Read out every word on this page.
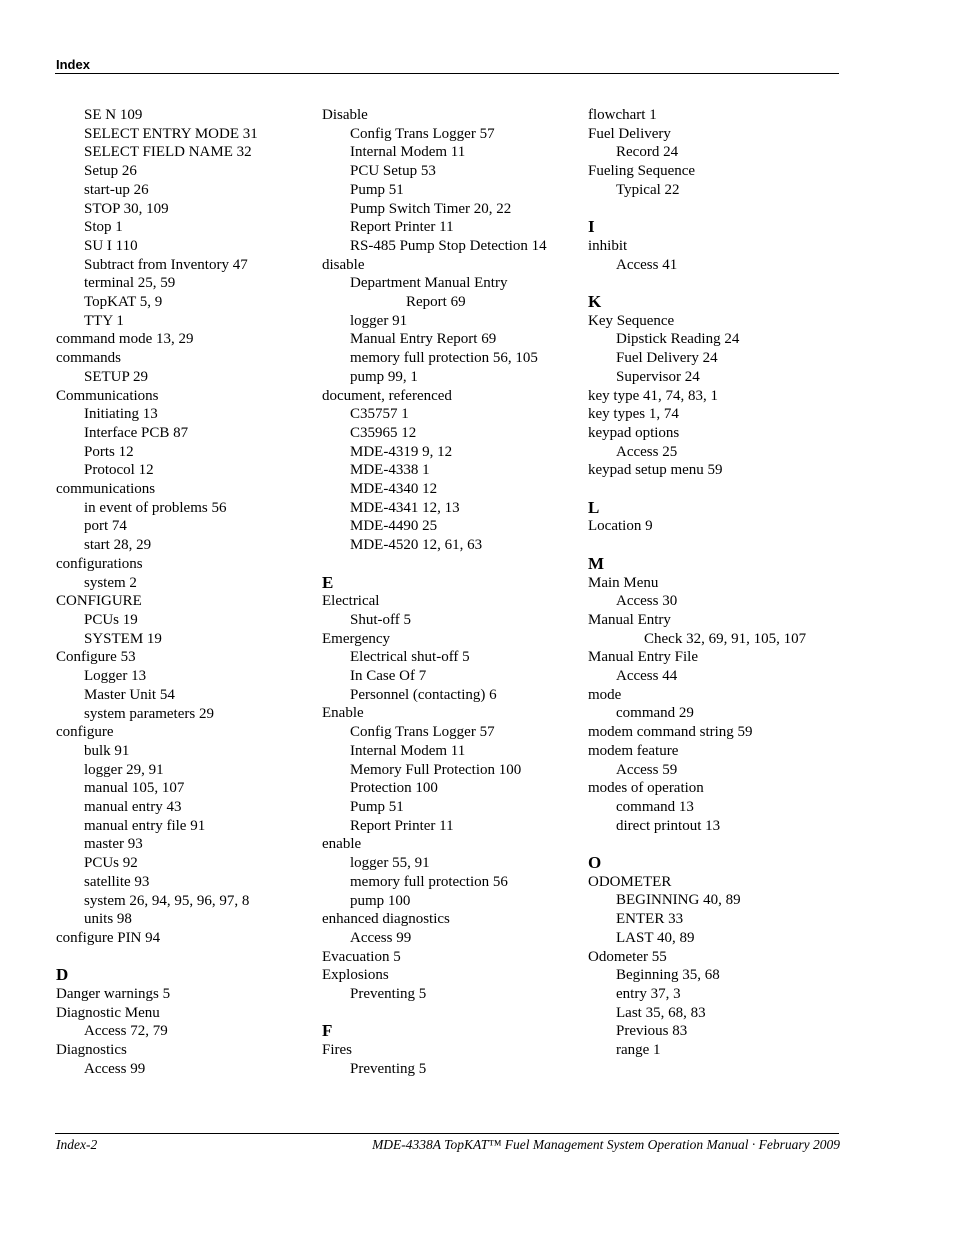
Index
SE N 109
SELECT ENTRY MODE 31
SELECT FIELD NAME 32
Setup 26
start-up 26
STOP 30, 109
Stop 1
SU I 110
Subtract from Inventory 47
terminal 25, 59
TopKAT 5, 9
TTY 1
command mode 13, 29
commands
SETUP 29
Communications
Initiating 13
Interface PCB 87
Ports 12
Protocol 12
communications
in event of problems 56
port 74
start 28, 29
configurations
system 2
CONFIGURE
PCUs 19
SYSTEM 19
Configure 53
Logger 13
Master Unit 54
system parameters 29
configure
bulk 91
logger 29, 91
manual 105, 107
manual entry 43
manual entry file 91
master 93
PCUs 92
satellite 93
system 26, 94, 95, 96, 97, 8
units 98
configure PIN 94
D
Danger warnings 5
Diagnostic Menu
Access 72, 79
Diagnostics
Access 99
Disable
Config Trans Logger 57
Internal Modem 11
PCU Setup 53
Pump 51
Pump Switch Timer 20, 22
Report Printer 11
RS-485 Pump Stop Detection 14
disable
Department Manual Entry
Report 69
logger 91
Manual Entry Report 69
memory full protection 56, 105
pump 99, 1
document, referenced
C35757 1
C35965 12
MDE-4319 9, 12
MDE-4338 1
MDE-4340 12
MDE-4341 12, 13
MDE-4490 25
MDE-4520 12, 61, 63
E
Electrical
Shut-off 5
Emergency
Electrical shut-off 5
In Case Of 7
Personnel (contacting) 6
Enable
Config Trans Logger 57
Internal Modem 11
Memory Full Protection 100
Protection 100
Pump 51
Report Printer 11
enable
logger 55, 91
memory full protection 56
pump 100
enhanced diagnostics
Access 99
Evacuation 5
Explosions
Preventing 5
F
Fires
Preventing 5
flowchart 1
Fuel Delivery
Record 24
Fueling Sequence
Typical 22
I
inhibit
Access 41
K
Key Sequence
Dipstick Reading 24
Fuel Delivery 24
Supervisor 24
key type 41, 74, 83, 1
key types 1, 74
keypad options
Access 25
keypad setup menu 59
L
Location 9
M
Main Menu
Access 30
Manual Entry
Check 32, 69, 91, 105, 107
Manual Entry File
Access 44
mode
command 29
modem command string 59
modem feature
Access 59
modes of operation
command 13
direct printout 13
O
ODOMETER
BEGINNING 40, 89
ENTER 33
LAST 40, 89
Odometer 55
Beginning 35, 68
entry 37, 3
Last 35, 68, 83
Previous 83
range 1
Index-2	MDE-4338A TopKAT™ Fuel Management System Operation Manual · February 2009
